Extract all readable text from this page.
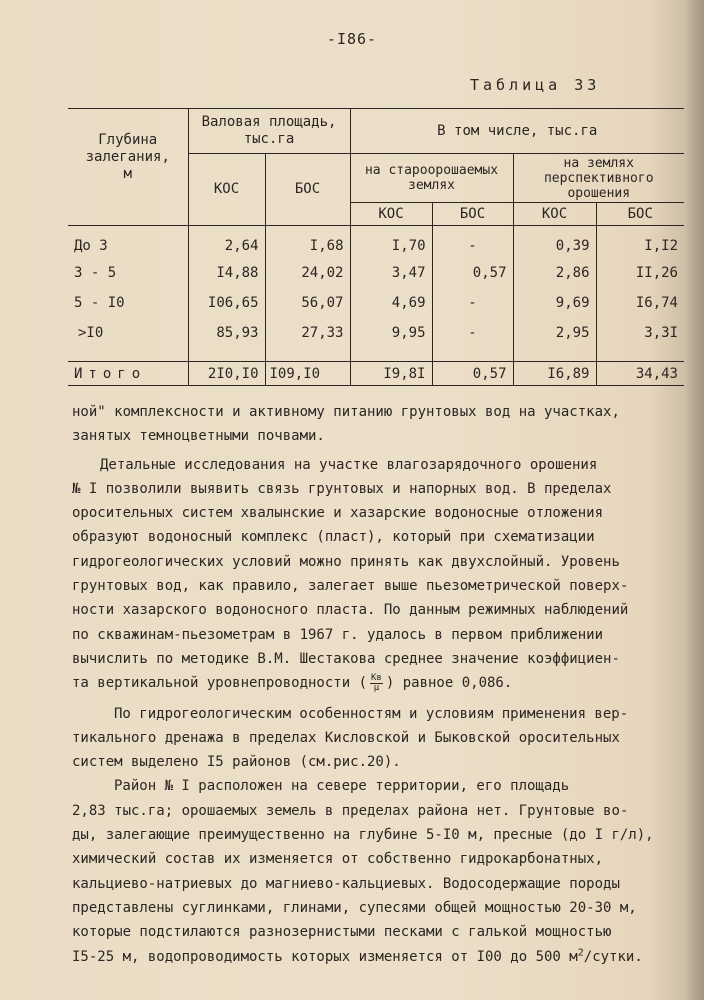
-I86-
Таблица 33
Глубина залегания, м	Валовая площадь, тыс.га		В том числе, тыс.га			
	КОС	БОС	на староорошаемых землях		на землях перспективного орошения	

			КОС	БОС	КОС	БОС
До 3	2,64	I,68	I,70	-	0,39	I,I2
3 - 5	I4,88	24,02	3,47	0,57	2,86	II,26
5 - I0	I06,65	56,07	4,69	-	9,69	I6,74
>I0	85,93	27,33	9,95	-	2,95	3,3I

Итого	2I0,I0	I09,I0	I9,8I	0,57	I6,89	34,43

ной" комплексности и активному питанию грунтовых вод на участках,
занятых темноцветными почвами.

Детальные исследования на участке влагозарядочного орошения
№ I позволили выявить связь грунтовых и напорных вод. В пределах
оросительных систем хвалынские и хазарские водоносные отложения
образуют водоносный комплекс (пласт), который при схематизации
гидрогеологических условий можно принять как двухслойный. Уровень
грунтовых вод, как правило, залегает выше пьезометрической поверх-
ности хазарского водоносного пласта. По данным режимных наблюдений
по скважинам-пьезометрам в 1967 г. удалось в первом приближении
вычислить по методике В.М. Шестакова среднее значение коэффициен-
та вертикальной уровнепроводности ( $\frac{Кв}{\mu}$ ) равное 0,086.

По гидрогеологическим особенностям и условиям применения вер-
тикального дренажа в пределах Кисловской и Быковской оросительных
систем выделено I5 районов (см.рис.20).

Район № I расположен на севере территории, его площадь
2,83 тыс.га; орошаемых земель в пределах района нет. Грунтовые во-
ды, залегающие преимущественно на глубине 5-I0 м, пресные (до I г/л),
химический состав их изменяется от собственно гидрокарбонатных,
кальциево-натриевых до магниево-кальциевых. Водосодержащие породы
представлены суглинками, глинами, супесями общей мощностью 20-30 м,
которые подстилаются разнозернистыми песками с галькой мощностью
I5-25 м, водопроводимость которых изменяется от I00 до 500 $м^2$/сутки.
